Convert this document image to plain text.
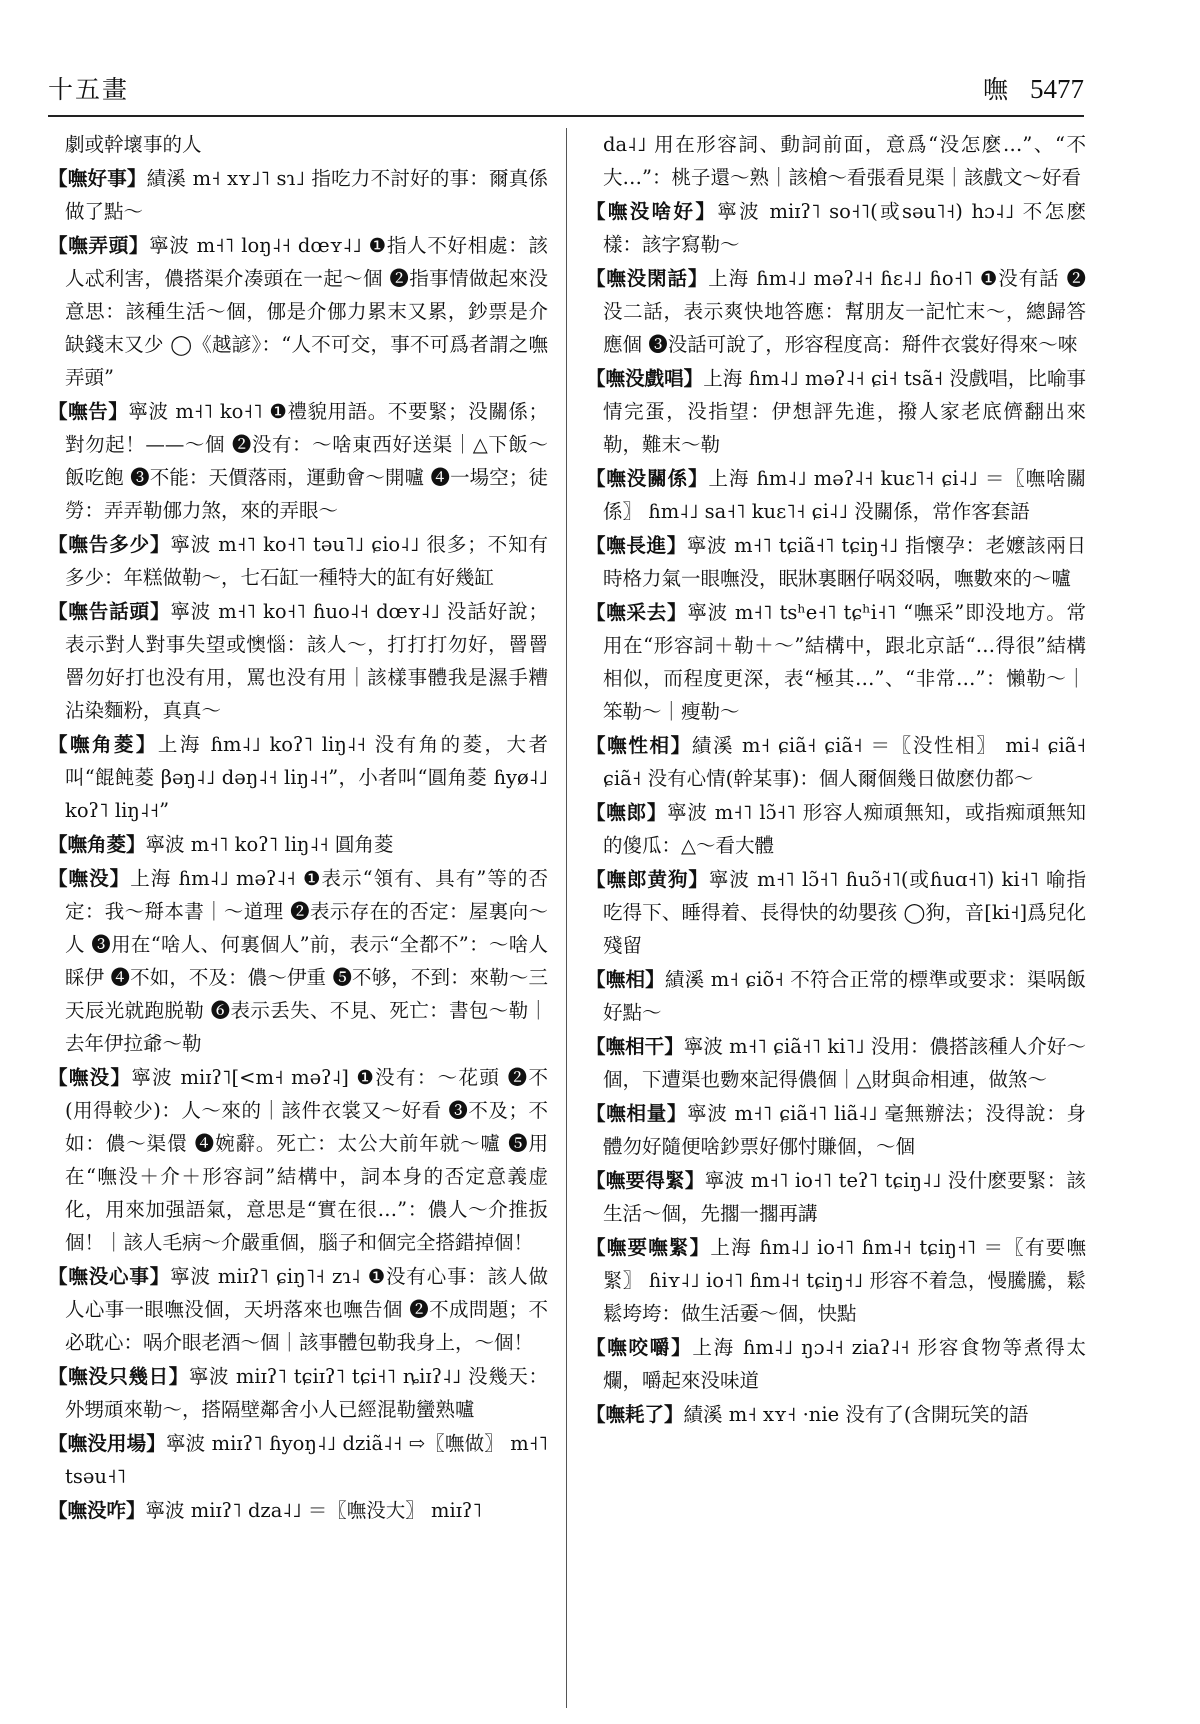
十五畫	嘸 5477
劇或幹壞事的人
【嘸好事】績溪 m˧ xʏ˩˥ sɿ˩ 指吃力不討好的事：爾真係做了點～
【嘸弄頭】寧波 m˧˥ loŋ˨˧ dœʏ˨˩ ❶指人不好相處：該人忒利害，儂搭渠介凑頭在一起～個 ❷指事情做起來没意思：該種生活～個，㑚是介㑚力累末又累，鈔票是介缺錢末又少 ◯《越諺》：“人不可交，事不可爲者謂之嘸弄頭”
【嘸告】寧波 m˧˥ ko˧˥ ❶禮貌用語。不要緊；没關係；對勿起！——～個 ❷没有：～啥東西好送渠｜△下飯～飯吃飽 ❸不能：天價落雨，運動會～開嚧 ❹一場空；徒勞：弄弄勒㑚力煞，來的弄眼～
【嘸告多少】寧波 m˧˥ ko˧˥ təu˥˩ ɕio˨˩ 很多；不知有多少：年糕做勒～，七石缸一種特大的缸有好幾缸
【嘸告話頭】寧波 m˧˥ ko˧˥ ɦuo˨˧ dœʏ˨˩ 没話好說；表示對人對事失望或懊惱：該人～，打打打勿好，罾罾罾勿好打也没有用，罵也没有用｜該樣事體我是濕手糟沾染麵粉，真真～
【嘸角菱】上海 ɦm˨˩ koʔ˥ liŋ˨˧ 没有角的菱，大者叫“餛飩菱 βəŋ˨˩ dəŋ˨˧ liŋ˨˧”，小者叫“圓角菱 ɦyø˨˩ koʔ˥ liŋ˨˧”
【嘸角菱】寧波 m˧˥ koʔ˥ liŋ˨˧ 圓角菱
【嘸没】上海 ɦm˨˩ məʔ˨˧ ❶表示“領有、具有”等的否定：我～搿本書｜～道理 ❷表示存在的否定：屋裏向～人 ❸用在“啥人、何裏個人”前，表示“全都不”：～啥人睬伊 ❹不如，不及：儂～伊重 ❺不够，不到：來勒～三天辰光就跑脱勒 ❻表示丢失、不見、死亡：書包～勒｜去年伊拉爺～勒
【嘸没】寧波 miɪʔ˥[<m˧ məʔ˨] ❶没有：～花頭 ❷不(用得較少)：人～來的｜該件衣裳又～好看 ❸不及；不如：儂～渠儇 ❹婉辭。死亡：太公大前年就～嚧 ❺用在“嘸没＋介＋形容詞”結構中，詞本身的否定意義虚化，用來加强語氣，意思是“實在很…”：儂人～介推扳個！｜該人毛病～介嚴重個，腦子和個完全搭錯掉個！
【嘸没心事】寧波 miɪʔ˥ ɕiŋ˥˧ zɿ˨ ❶没有心事：該人做人心事一眼嘸没個，天坍落來也嘸告個 ❷不成問題；不必耽心：㖞介眼老酒～個｜該事體包勒我身上，～個！
【嘸没只幾日】寧波 miɪʔ˥ tɕiɪʔ˥ tɕi˧˥ ȵiɪʔ˨˩ 没幾天：外甥頑來勒～，搭隔壁鄰舍小人已經混勒蠻熟嚧
【嘸没用場】寧波 miɪʔ˥ ɦyoŋ˨˩ dziã˨˧ ⇨〖嘸做〗 m˧˥ tsəu˧˥
【嘸没咋】寧波 miɪʔ˥ dza˨˩ ＝〖嘸没大〗 miɪʔ˥
da˨˩ 用在形容詞、動詞前面，意爲“没怎麽…”、“不大…”：桃子還～熟｜該槍～看張看見渠｜該戲文～好看
【嘸没啥好】寧波 miɪʔ˥ so˧˥(或səu˥˧) hɔ˨˩ 不怎麽樣：該字寫勒～
【嘸没閑話】上海 ɦm˨˩ məʔ˨˧ ɦɛ˨˩ ɦo˧˥ ❶没有話 ❷没二話，表示爽快地答應：幫朋友一記忙末～，總歸答應個 ❸没話可說了，形容程度高：搿件衣裳好得來～唻
【嘸没戲唱】上海 ɦm˨˩ məʔ˨˧ ɕi˧ tsã˧ 没戲唱，比喻事情完蛋，没指望：伊想評先進，撥人家老底儕翻出來勒，難末～勒
【嘸没關係】上海 ɦm˨˩ məʔ˨˧ kuɛ˥˧ ɕi˨˩ ＝〖嘸啥關係〗 ɦm˨˩ sa˧˥ kuɛ˥˧ ɕi˨˩ 没關係，常作客套語
【嘸長進】寧波 m˧˥ tɕiã˧˥ tɕiŋ˧˩ 指懷孕：老嬤該兩日時格力氣一眼嘸没，眠牀裏睏仔㖞㸚㖞，嘸數來的～嚧
【嘸采去】寧波 m˧˥ tsʰe˧˥ tɕʰi˧˥ “嘸采”即没地方。常用在“形容詞＋勒＋～”結構中，跟北京話“…得很”結構相似，而程度更深，表“極其…”、“非常…”：懶勒～｜笨勒～｜瘦勒～
【嘸性相】績溪 m˧ ɕiã˧ ɕiã˧ ＝〖没性相〗 mi˨ ɕiã˧ ɕiã˧ 没有心情(幹某事)：個人爾個幾日做麽仂都～
【嘸郎】寧波 m˧˥ lɔ̃˧˥ 形容人痴頑無知，或指痴頑無知的傻瓜：△～看大體
【嘸郎黄狗】寧波 m˧˥ lɔ̃˧˥ ɦuɔ̃˧˥(或ɦuɑ˧˥) ki˧˥ 喻指吃得下、睡得着、長得快的幼嬰孩 ◯狗，音[ki˧]爲兒化殘留
【嘸相】績溪 m˧ ɕiõ˧ 不符合正常的標準或要求：渠㖞飯好點～
【嘸相干】寧波 m˧˥ ɕiã˧˥ ki˥˩ 没用：儂搭該種人介好～個，下遭渠也覅來記得儂個｜△財與命相連，做煞～
【嘸相量】寧波 m˧˥ ɕiã˧˥ liã˨˩ 毫無辦法；没得說：身體勿好隨便啥鈔票好㑚忖賺個，～個
【嘸要得緊】寧波 m˧˥ io˧˥ teʔ˥ tɕiŋ˨˩ 没什麽要緊：該生活～個，先擱一擱再講
【嘸要嘸緊】上海 ɦm˨˩ io˧˥ ɦm˨˧ tɕiŋ˧˥ ＝〖有要嘸緊〗 ɦiʏ˨˩ io˧˥ ɦm˨˧ tɕiŋ˧˩ 形容不着急，慢騰騰，鬆鬆垮垮：做生活嫑～個，快點
【嘸咬嚼】上海 ɦm˨˩ ŋɔ˨˧ ziaʔ˨˧ 形容食物等煮得太爛，嚼起來没味道
【嘸耗了】績溪 m˧ xʏ˧ ·nie 没有了(含開玩笑的語
